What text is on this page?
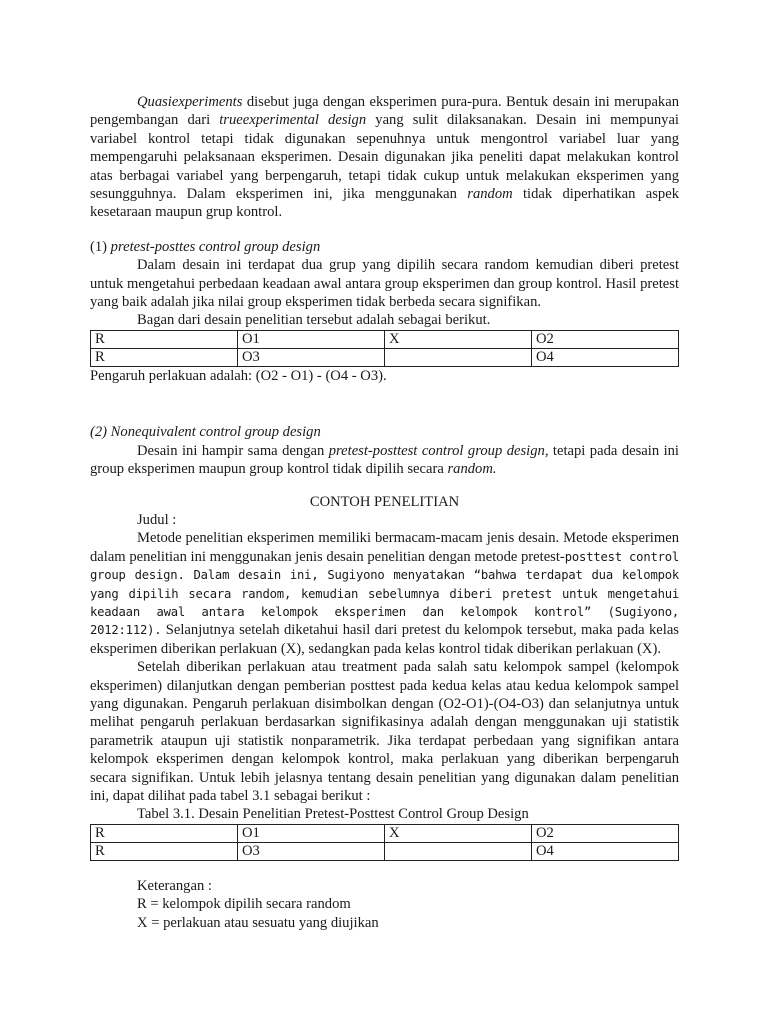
Quasiexperiments disebut juga dengan eksperimen pura-pura. Bentuk desain ini merupakan pengembangan dari trueexperimental design yang sulit dilaksanakan. Desain ini mempunyai variabel kontrol tetapi tidak digunakan sepenuhnya untuk mengontrol variabel luar yang mempengaruhi pelaksanaan eksperimen. Desain digunakan jika peneliti dapat melakukan kontrol atas berbagai variabel yang berpengaruh, tetapi tidak cukup untuk melakukan eksperimen yang sesungguhnya. Dalam eksperimen ini, jika menggunakan random tidak diperhatikan aspek kesetaraan maupun grup kontrol.

(1) pretest-posttes control group design

Dalam desain ini terdapat dua grup yang dipilih secara random kemudian diberi pretest untuk mengetahui perbedaan keadaan awal antara group eksperimen dan group kontrol. Hasil pretest yang baik adalah jika nilai group eksperimen tidak berbeda secara signifikan.

Bagan dari desain penelitian tersebut adalah sebagai berikut.

R	O1	X	O2
R	O3		O4

Pengaruh perlakuan adalah: (O2 - O1) - (O4 - O3).

(2) Nonequivalent control group design

Desain ini hampir sama dengan pretest-posttest control group design, tetapi pada desain ini group eksperimen maupun group kontrol tidak dipilih secara random.

CONTOH PENELITIAN

Judul :

Metode penelitian eksperimen memiliki bermacam-macam jenis desain. Metode eksperimen dalam penelitian ini menggunakan jenis desain penelitian dengan metode pretest-posttest control group design. Dalam desain ini, Sugiyono menyatakan “bahwa terdapat dua kelompok yang dipilih secara random, kemudian sebelumnya diberi pretest untuk mengetahui keadaan awal antara kelompok eksperimen dan kelompok kontrol” (Sugiyono, 2012:112). Selanjutnya setelah diketahui hasil dari pretest du kelompok tersebut, maka pada kelas eksperimen diberikan perlakuan (X), sedangkan pada kelas kontrol tidak diberikan perlakuan (X).

Setelah diberikan perlakuan atau treatment pada salah satu kelompok sampel (kelompok eksperimen) dilanjutkan dengan pemberian posttest pada kedua kelas atau kedua kelompok sampel yang digunakan. Pengaruh perlakuan disimbolkan dengan (O2-O1)-(O4-O3) dan selanjutnya untuk melihat pengaruh perlakuan berdasarkan signifikasinya adalah dengan menggunakan uji statistik parametrik ataupun uji statistik nonparametrik. Jika terdapat perbedaan yang signifikan antara kelompok eksperimen dengan kelompok kontrol, maka perlakuan yang diberikan berpengaruh secara signifikan. Untuk lebih jelasnya tentang desain penelitian yang digunakan dalam penelitian ini, dapat dilihat pada tabel 3.1 sebagai berikut :

Tabel 3.1. Desain Penelitian Pretest-Posttest Control Group Design

R	O1	X	O2
R	O3		O4

Keterangan :

R = kelompok dipilih secara random

X = perlakuan atau sesuatu yang diujikan
